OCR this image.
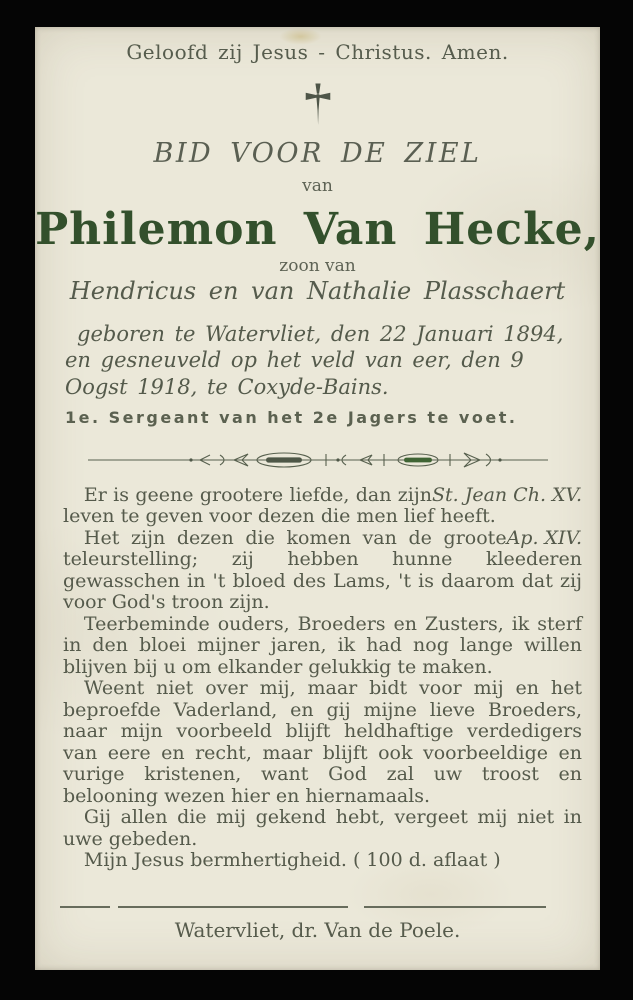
Geloofd zij Jesus - Christus. Amen.
BID VOOR DE ZIEL
van
Philemon Van Hecke,
zoon van
Hendricus en van Nathalie Plasschaert

geboren te Watervliet, den 22 Januari 1894, en gesneuveld op het veld van eer, den 9 Oogst 1918, te Coxyde-Bains.

1e. Sergeant van het 2e Jagers te voet.

St. Jean Ch. XV.
Er is geene grootere liefde, dan zijn leven te geven voor dezen die men lief heeft.

Ap. XIV.
Het zijn dezen die komen van de groote teleurstelling; zij hebben hunne kleederen gewasschen in 't bloed des Lams, 't is daarom dat zij voor God's troon zijn.

Teerbeminde ouders, Broeders en Zusters, ik sterf in den bloei mijner jaren, ik had nog lange willen blijven bij u om elkander gelukkig te maken.

Weent niet over mij, maar bidt voor mij en het beproefde Vaderland, en gij mijne lieve Broeders, naar mijn voorbeeld blijft heldhaftige verdedigers van eere en recht, maar blijft ook voorbeeldige en vurige kristenen, want God zal uw troost en belooning wezen hier en hiernamaals.

Gij allen die mij gekend hebt, vergeet mij niet in uwe gebeden.

Mijn Jesus bermhertigheid. ( 100 d. aflaat )

Watervliet, dr. Van de Poele.
